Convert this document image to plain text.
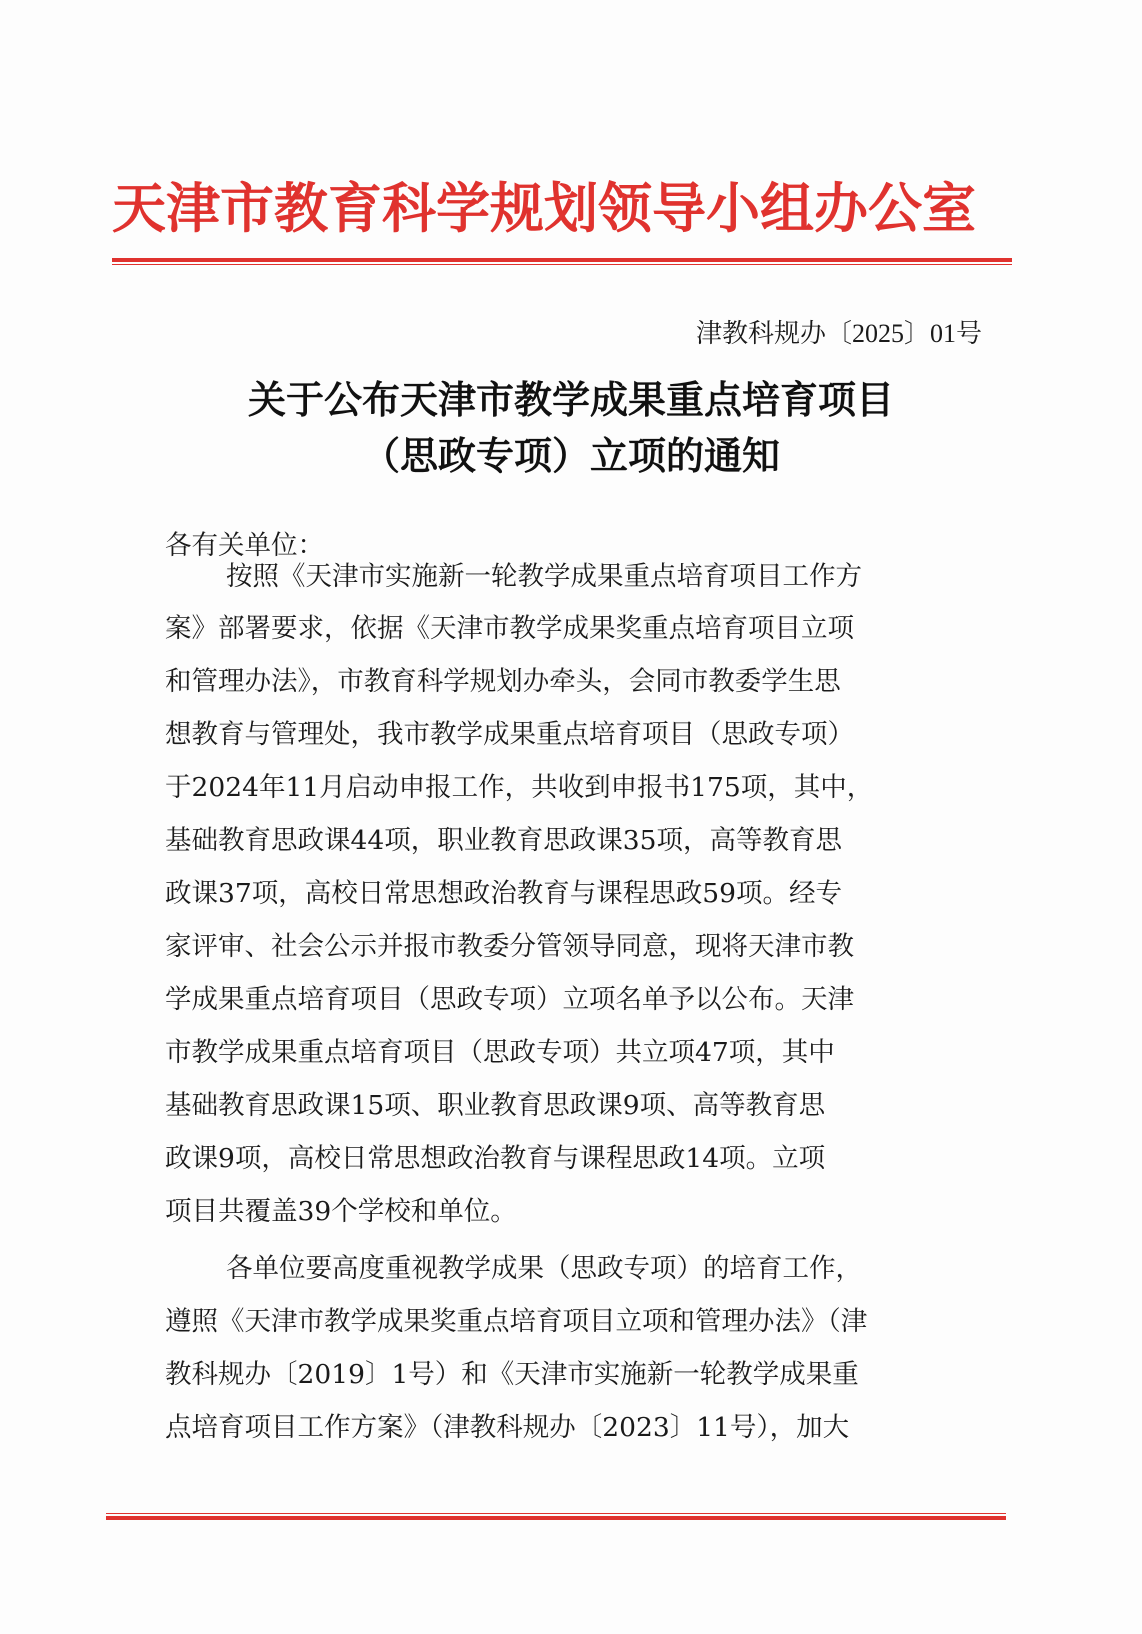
天津市教育科学规划领导小组办公室
津教科规办〔2025〕01号
关于公布天津市教学成果重点培育项目
（思政专项）立项的通知
各有关单位：
按照《天津市实施新一轮教学成果重点培育项目工作方
案》部署要求，依据《天津市教学成果奖重点培育项目立项
和管理办法》，市教育科学规划办牵头，会同市教委学生思
想教育与管理处，我市教学成果重点培育项目（思政专项）
于2024年11月启动申报工作，共收到申报书175项，其中，
基础教育思政课44项，职业教育思政课35项，高等教育思
政课37项，高校日常思想政治教育与课程思政59项。经专
家评审、社会公示并报市教委分管领导同意，现将天津市教
学成果重点培育项目（思政专项）立项名单予以公布。天津
市教学成果重点培育项目（思政专项）共立项47项，其中
基础教育思政课15项、职业教育思政课9项、高等教育思
政课9项，高校日常思想政治教育与课程思政14项。立项
项目共覆盖39个学校和单位。
各单位要高度重视教学成果（思政专项）的培育工作，
遵照《天津市教学成果奖重点培育项目立项和管理办法》（津
教科规办〔2019〕1号）和《天津市实施新一轮教学成果重
点培育项目工作方案》（津教科规办〔2023〕11号），加大
